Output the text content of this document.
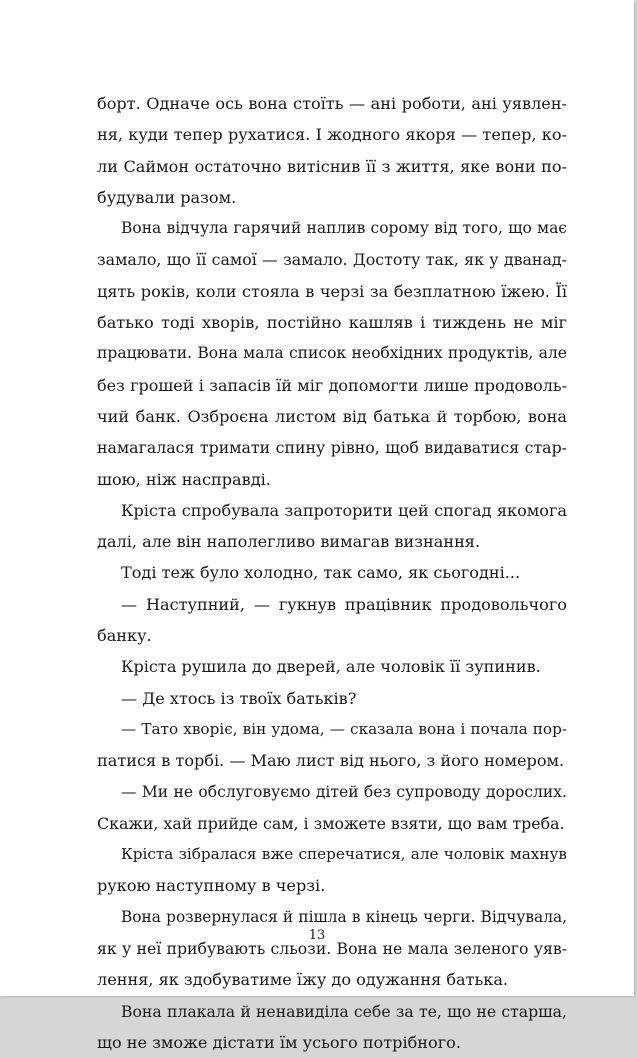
борт. Одначе ось вона стоїть — ані роботи, ані уявлен-
ня, куди тепер рухатися. І жодного якоря — тепер, ко-
ли Саймон остаточно витіснив її з життя, яке вони по-
будували разом.
Вона відчула гарячий наплив сорому від того, що має
замало, що її самої — замало. Достоту так, як у дванад-
цять років, коли стояла в черзі за безплатною їжею. Її
батько тоді хворів, постійно кашляв і тиждень не міг
працювати. Вона мала список необхідних продуктів, але
без грошей і запасів їй міг допомогти лише продоволь-
чий банк. Озброєна листом від батька й торбою, вона
намагалася тримати спину рівно, щоб видаватися стар-
шою, ніж насправді.
Кріста спробувала запроторити цей спогад якомога
далі, але він наполегливо вимагав визнання.
Тоді теж було холодно, так само, як сьогодні...
— Наступний, — гукнув працівник продовольчого
банку.
Кріста рушила до дверей, але чоловік її зупинив.
— Де хтось із твоїх батьків?
— Тато хворіє, він удома, — сказала вона і почала пор-
патися в торбі. — Маю лист від нього, з його номером.
— Ми не обслуговуємо дітей без супроводу дорослих.
Скажи, хай прийде сам, і зможете взяти, що вам треба.
Кріста зібралася вже сперечатися, але чоловік махнув
рукою наступному в черзі.
Вона розвернулася й пішла в кінець черги. Відчувала,
як у неї прибувають сльози. Вона не мала зеленого уяв-
лення, як здобуватиме їжу до одужання батька.
Вона плакала й ненавиділа себе за те, що не старша,
що не зможе дістати їм усього потрібного.
13
